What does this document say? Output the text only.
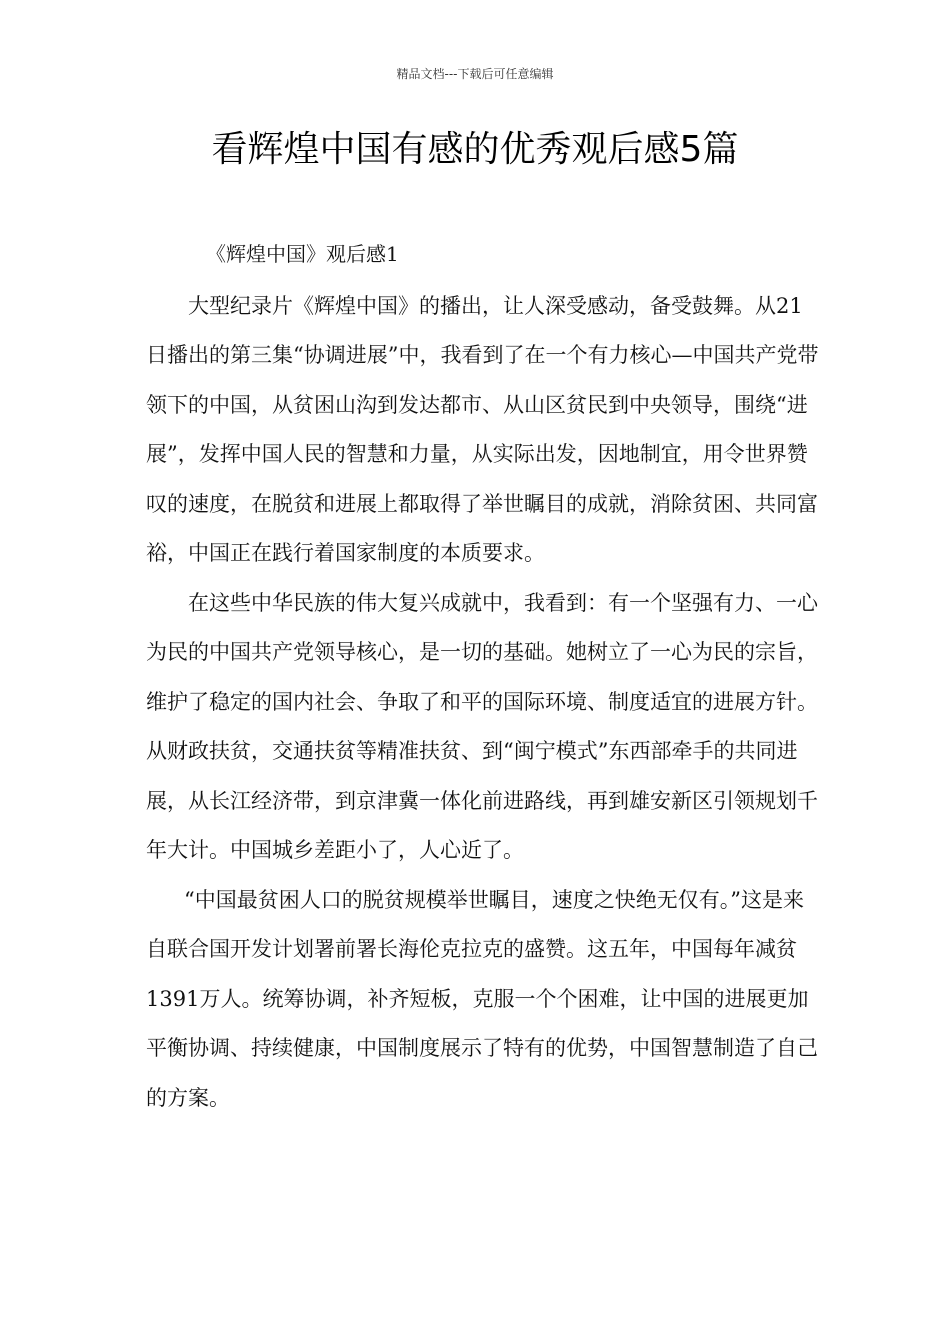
精品文档---下载后可任意编辑
看辉煌中国有感的优秀观后感5篇

《辉煌中国》观后感1

大型纪录片《辉煌中国》的播出，让人深受感动，备受鼓舞。从21日播出的第三集“协调进展”中，我看到了在一个有力核心—中国共产党带领下的中国，从贫困山沟到发达都市、从山区贫民到中央领导，围绕“进展”，发挥中国人民的智慧和力量，从实际出发，因地制宜，用令世界赞叹的速度，在脱贫和进展上都取得了举世瞩目的成就，消除贫困、共同富裕，中国正在践行着国家制度的本质要求。

在这些中华民族的伟大复兴成就中，我看到：有一个坚强有力、一心为民的中国共产党领导核心，是一切的基础。她树立了一心为民的宗旨，维护了稳定的国内社会、争取了和平的国际环境、制度适宜的进展方针。从财政扶贫，交通扶贫等精准扶贫、到“闽宁模式”东西部牵手的共同进展，从长江经济带，到京津冀一体化前进路线，再到雄安新区引领规划千年大计。中国城乡差距小了，人心近了。

“中国最贫困人口的脱贫规模举世瞩目，速度之快绝无仅有。”这是来自联合国开发计划署前署长海伦克拉克的盛赞。这五年，中国每年减贫1391万人。统筹协调，补齐短板，克服一个个困难，让中国的进展更加平衡协调、持续健康，中国制度展示了特有的优势，中国智慧制造了自己的方案。
